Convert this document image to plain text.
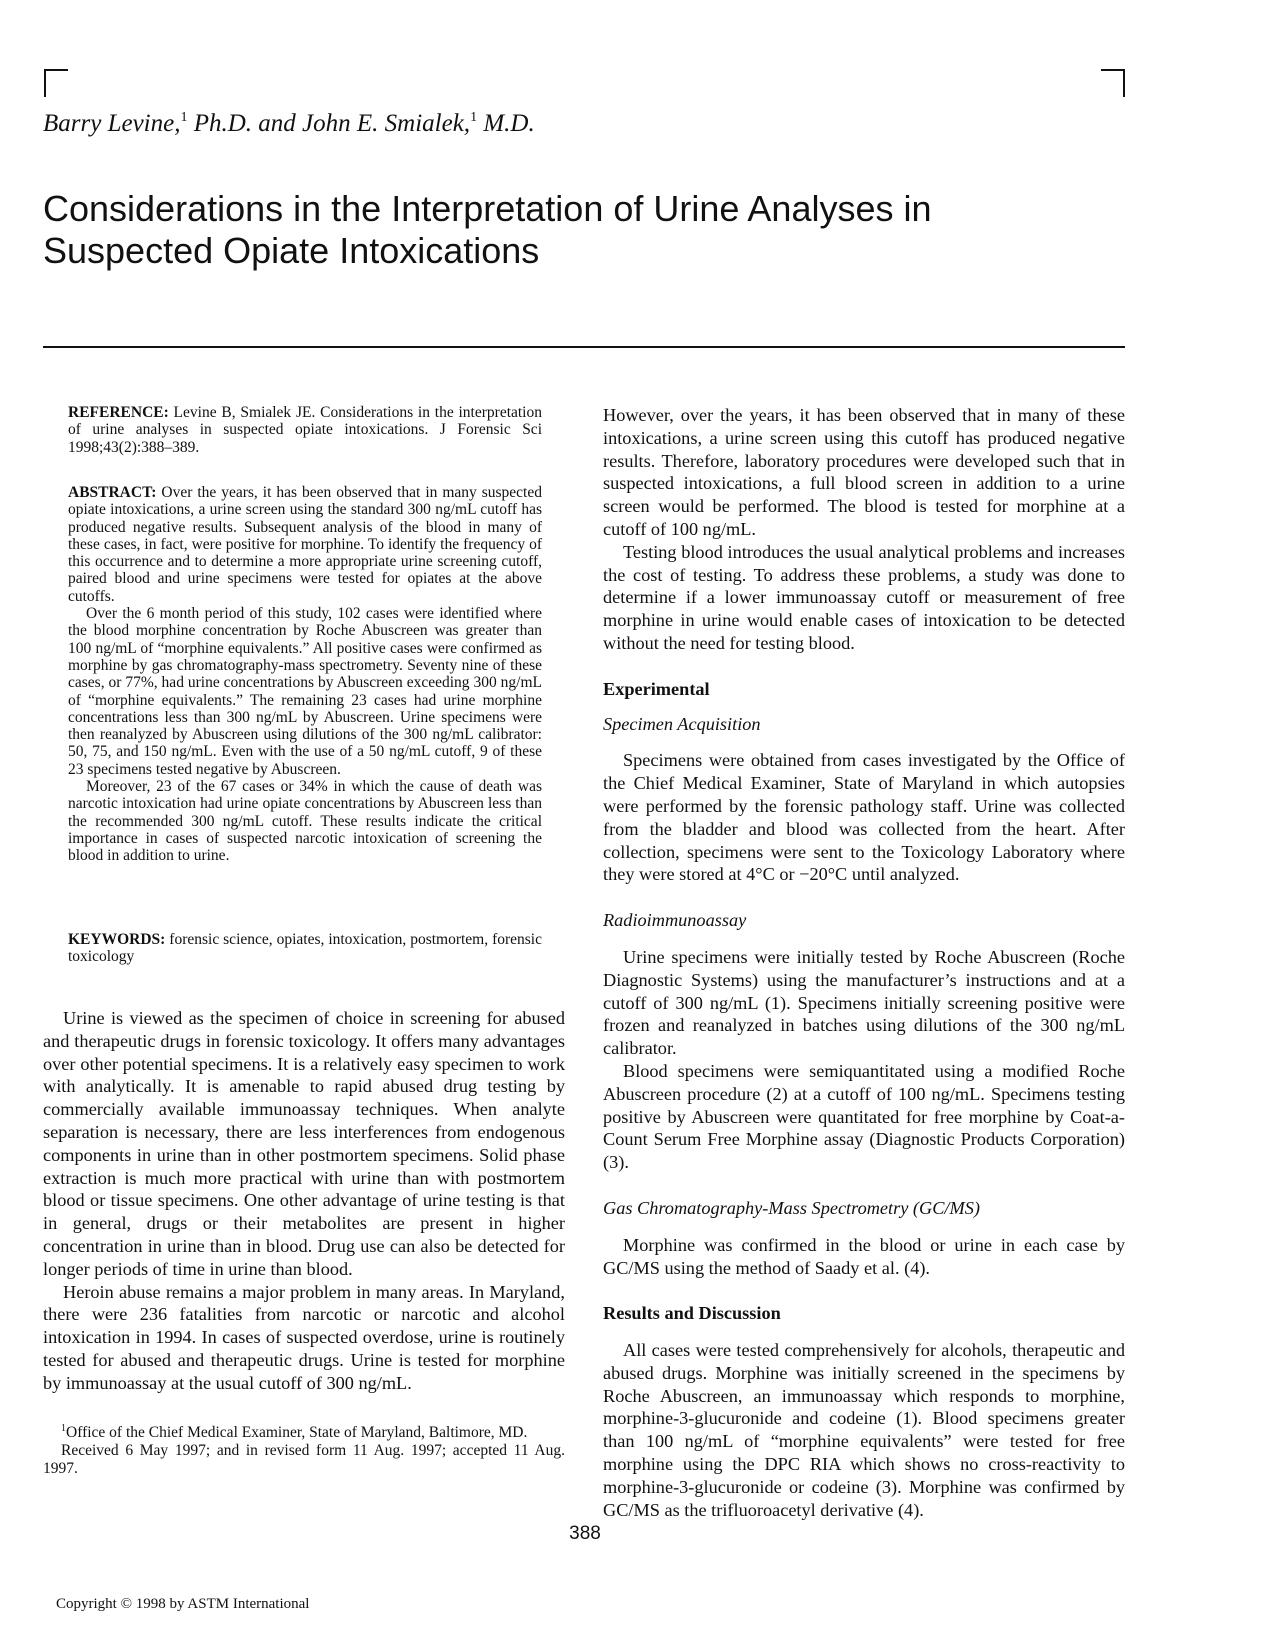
Barry Levine,$^1$ Ph.D. and John E. Smialek,$^1$ M.D.
Considerations in the Interpretation of Urine Analyses in
Suspected Opiate Intoxications

REFERENCE: Levine B, Smialek JE. Considerations in the interpretation of urine analyses in suspected opiate intoxications. J Forensic Sci 1998;43(2):388–389.

ABSTRACT: Over the years, it has been observed that in many suspected opiate intoxications, a urine screen using the standard 300 ng/mL cutoff has produced negative results. Subsequent analysis of the blood in many of these cases, in fact, were positive for morphine. To identify the frequency of this occurrence and to determine a more appropriate urine screening cutoff, paired blood and urine specimens were tested for opiates at the above cutoffs.

Over the 6 month period of this study, 102 cases were identified where the blood morphine concentration by Roche Abuscreen was greater than 100 ng/mL of “morphine equivalents.” All positive cases were confirmed as morphine by gas chromatography-mass spectrometry. Seventy nine of these cases, or 77%, had urine concentrations by Abuscreen exceeding 300 ng/mL of “morphine equivalents.” The remaining 23 cases had urine morphine concentrations less than 300 ng/mL by Abuscreen. Urine specimens were then reanalyzed by Abuscreen using dilutions of the 300 ng/mL calibrator: 50, 75, and 150 ng/mL. Even with the use of a 50 ng/mL cutoff, 9 of these 23 specimens tested negative by Abuscreen.

Moreover, 23 of the 67 cases or 34% in which the cause of death was narcotic intoxication had urine opiate concentrations by Abuscreen less than the recommended 300 ng/mL cutoff. These results indicate the critical importance in cases of suspected narcotic intoxication of screening the blood in addition to urine.

KEYWORDS: forensic science, opiates, intoxication, postmortem, forensic toxicology

Urine is viewed as the specimen of choice in screening for abused and therapeutic drugs in forensic toxicology. It offers many advantages over other potential specimens. It is a relatively easy specimen to work with analytically. It is amenable to rapid abused drug testing by commercially available immunoassay techniques. When analyte separation is necessary, there are less interferences from endogenous components in urine than in other postmortem specimens. Solid phase extraction is much more practical with urine than with postmortem blood or tissue specimens. One other advantage of urine testing is that in general, drugs or their metabolites are present in higher concentration in urine than in blood. Drug use can also be detected for longer periods of time in urine than blood.

Heroin abuse remains a major problem in many areas. In Maryland, there were 236 fatalities from narcotic or narcotic and alcohol intoxication in 1994. In cases of suspected overdose, urine is routinely tested for abused and therapeutic drugs. Urine is tested for morphine by immunoassay at the usual cutoff of 300 ng/mL.

$^1$Office of the Chief Medical Examiner, State of Maryland, Baltimore, MD.

Received 6 May 1997; and in revised form 11 Aug. 1997; accepted 11 Aug. 1997.

However, over the years, it has been observed that in many of these intoxications, a urine screen using this cutoff has produced negative results. Therefore, laboratory procedures were developed such that in suspected intoxications, a full blood screen in addition to a urine screen would be performed. The blood is tested for morphine at a cutoff of 100 ng/mL.

Testing blood introduces the usual analytical problems and increases the cost of testing. To address these problems, a study was done to determine if a lower immunoassay cutoff or measurement of free morphine in urine would enable cases of intoxication to be detected without the need for testing blood.

Experimental

Specimen Acquisition

Specimens were obtained from cases investigated by the Office of the Chief Medical Examiner, State of Maryland in which autopsies were performed by the forensic pathology staff. Urine was collected from the bladder and blood was collected from the heart. After collection, specimens were sent to the Toxicology Laboratory where they were stored at 4°C or −20°C until analyzed.

Radioimmunoassay

Urine specimens were initially tested by Roche Abuscreen (Roche Diagnostic Systems) using the manufacturer’s instructions and at a cutoff of 300 ng/mL (1). Specimens initially screening positive were frozen and reanalyzed in batches using dilutions of the 300 ng/mL calibrator.

Blood specimens were semiquantitated using a modified Roche Abuscreen procedure (2) at a cutoff of 100 ng/mL. Specimens testing positive by Abuscreen were quantitated for free morphine by Coat-a-Count Serum Free Morphine assay (Diagnostic Products Corporation) (3).

Gas Chromatography-Mass Spectrometry (GC/MS)

Morphine was confirmed in the blood or urine in each case by GC/MS using the method of Saady et al. (4).

Results and Discussion

All cases were tested comprehensively for alcohols, therapeutic and abused drugs. Morphine was initially screened in the specimens by Roche Abuscreen, an immunoassay which responds to morphine, morphine-3-glucuronide and codeine (1). Blood specimens greater than 100 ng/mL of “morphine equivalents” were tested for free morphine using the DPC RIA which shows no cross-reactivity to morphine-3-glucuronide or codeine (3). Morphine was confirmed by GC/MS as the trifluoroacetyl derivative (4).

388
Copyright © 1998 by ASTM International
